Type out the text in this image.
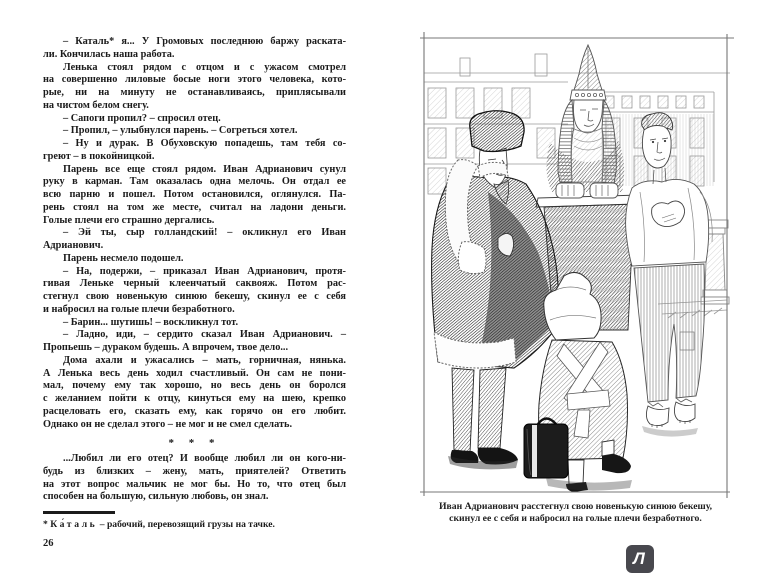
– Каталь* я... У Громовых последнюю баржу раската-
ли. Кончилась наша работа.
Ленька стоял рядом с отцом и с ужасом смотрел
на совершенно лиловые босые ноги этого человека, кото-
рые, ни на минуту не останавливаясь, приплясывали
на чистом белом снегу.
– Сапоги пропил? – спросил отец.
– Пропил, – улыбнулся парень. – Согреться хотел.
– Ну и дурак. В Обуховскую попадешь, там тебя со-
греют – в покойницкой.
Парень все еще стоял рядом. Иван Адрианович сунул
руку в карман. Там оказалась одна мелочь. Он отдал ее
всю парню и пошел. Потом остановился, оглянулся. Па-
рень стоял на том же месте, считал на ладони деньги.
Голые плечи его страшно дергались.
– Эй ты, сыр голландский! – окликнул его Иван
Адрианович.
Парень несмело подошел.
– На, подержи, – приказал Иван Адрианович, протя-
гивая Леньке черный клеенчатый саквояж. Потом рас-
стегнул свою новенькую синюю бекешу, скинул ее с себя
и набросил на голые плечи безработного.
– Барин... шутишь! – воскликнул тот.
– Ладно, иди, – сердито сказал Иван Адрианович. –
Пропьешь – дураком будешь. А впрочем, твое дело...
Дома ахали и ужасались – мать, горничная, нянька.
А Ленька весь день ходил счастливый. Он сам не пони-
мал, почему ему так хорошо, но весь день он боролся
с желанием пойти к отцу, кинуться ему на шею, крепко
расцеловать его, сказать ему, как горячо он его любит.
Однако он не сделал этого – не мог и не смел сделать.
* * *
...Любил ли его отец? И вообще любил ли он кого-ни-
будь из близких – жену, мать, приятелей? Ответить
на этот вопрос мальчик не мог бы. Но то, что отец был
способен на большую, сильную любовь, он знал.
* Ка́таль – рабочий, перевозящий грузы на тачке.
26
Иван Адрианович расстегнул свою новенькую синюю бекешу,
скинул ее с себя и набросил на голые плечи безработного.
Л
